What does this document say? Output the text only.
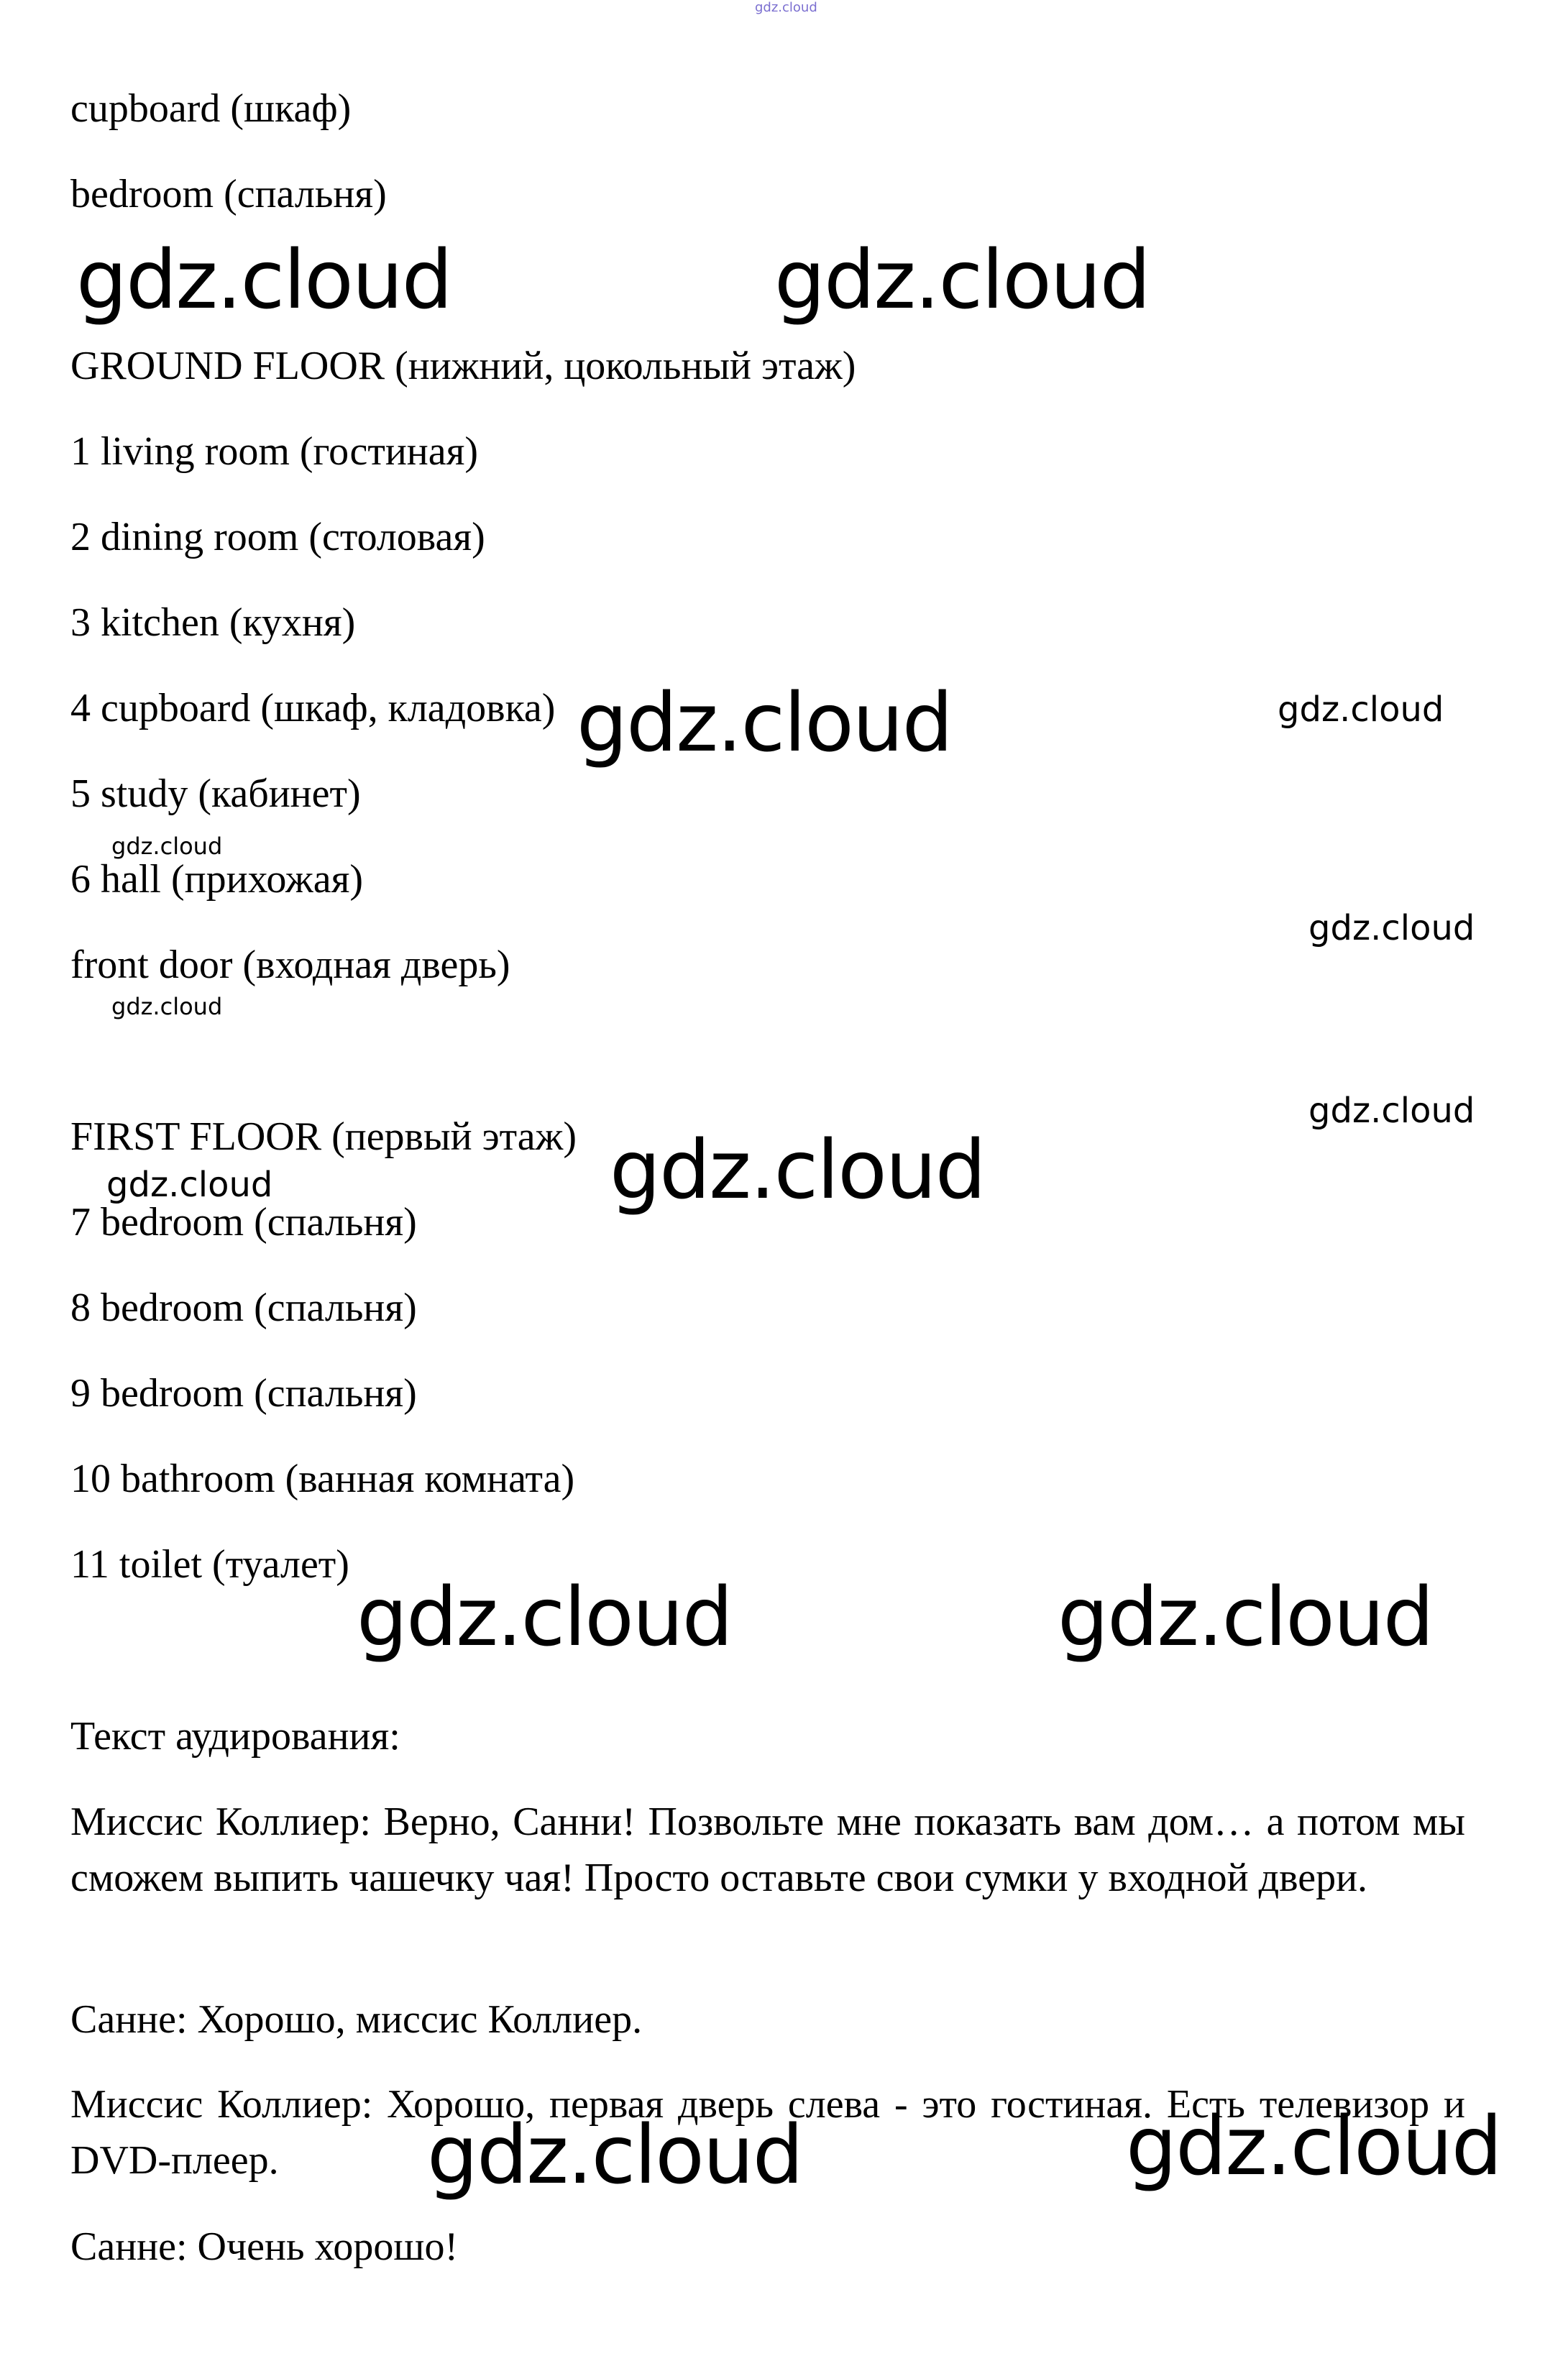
gdz.cloud

cupboard (шкаф)

bedroom (спальня)

GROUND FLOOR (нижний, цокольный этаж)

1 living room (гостиная)

2 dining room (столовая)

3 kitchen (кухня)

4 cupboard (шкаф, кладовка)

5 study (кабинет)

6 hall (прихожая)

front door (входная дверь)

FIRST FLOOR (первый этаж)

7 bedroom (спальня)

8 bedroom (спальня)

9 bedroom (спальня)

10 bathroom (ванная комната)

11 toilet (туалет)

Текст аудирования:

Миссис Коллиер: Верно, Санни! Позвольте мне показать вам дом… а потом мы сможем выпить чашечку чая! Просто оставьте свои сумки у входной двери.

Санне: Хорошо, миссис Коллиер.

Миссис Коллиер: Хорошо, первая дверь слева - это гостиная. Есть телевизор и DVD-плеер.

Санне: Очень хорошо!

gdz.cloud	gdz.cloud
gdz.cloud	gdz.cloud
gdz.cloud
gdz.cloud
gdz.cloud
gdz.cloud
gdz.cloud	gdz.cloud
gdz.cloud	gdz.cloud
gdz.cloud	gdz.cloud
